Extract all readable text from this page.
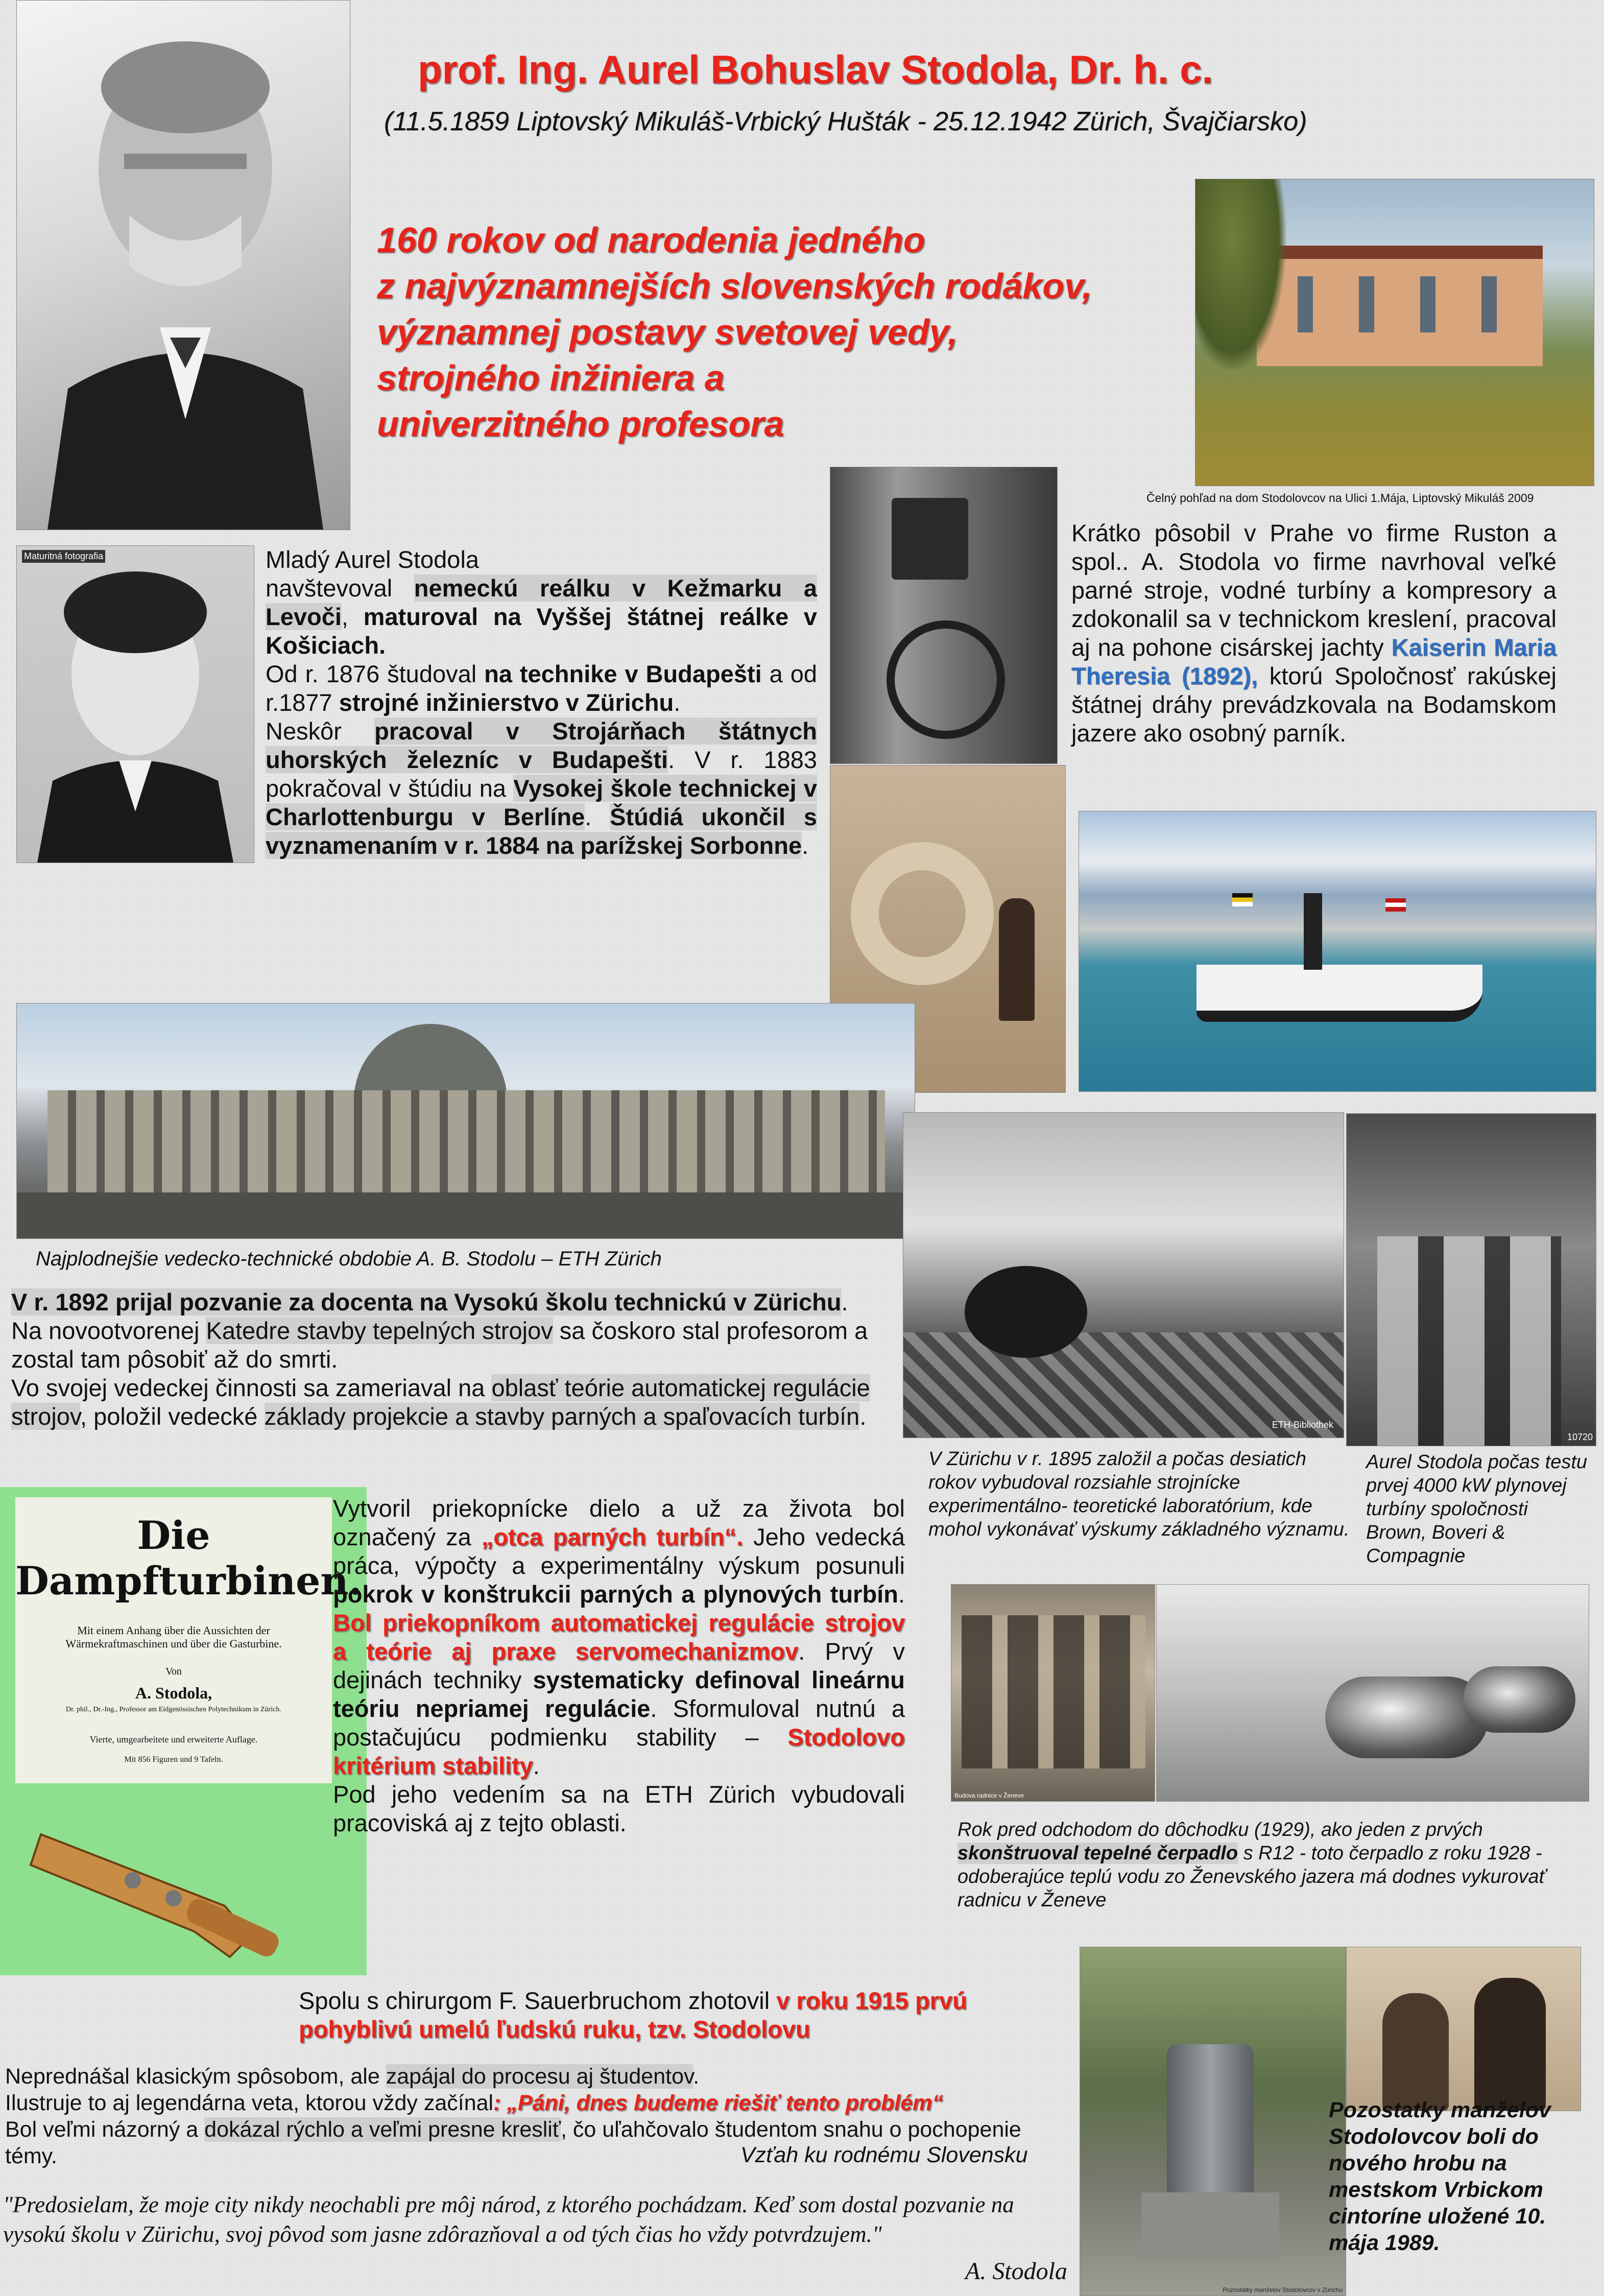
prof. Ing. Aurel Bohuslav Stodola, Dr. h. c.
(11.5.1859 Liptovský Mikuláš-Vrbický Hušták - 25.12.1942 Zürich, Švajčiarsko)
160 rokov od narodenia jedného
z najvýznamnejších slovenských rodákov,
významnej postavy svetovej vedy,
strojného inžiniera a
univerzitného profesora
Čelný pohľad na dom Stodolovcov na Ulici 1.Mája, Liptovský Mikuláš 2009
Maturitná fotografia	Mladý Aurel Stodola
navštevoval nemeckú reálku v Kežmarku a Levoči, maturoval na Vyššej štátnej reálke v Košiciach.
Od r. 1876 študoval na technike v Budapešti a od r.1877 strojné inžinierstvo v Zürichu.
Neskôr pracoval v Strojárňach štátnych uhorských železníc v Budapešti. V r. 1883 pokračoval v štúdiu na Vysokej škole technickej v Charlottenburgu v Berlíne. Štúdiá ukončil s vyznamenaním v r. 1884 na parížskej Sorbonne.
Krátko pôsobil v Prahe vo firme Ruston a spol.. A. Stodola vo firme navrhoval veľké parné stroje, vodné turbíny a kompresory a zdokonalil sa v technickom kreslení, pracoval aj na pohone cisárskej jachty Kaiserin Maria Theresia (1892), ktorú Spoločnosť rakúskej štátnej dráhy prevádzkovala na Bodamskom jazere ako osobný parník.
Najplodnejšie vedecko-technické obdobie A. B. Stodolu – ETH Zürich
ETH-Bibliothek
10720
V r. 1892 prijal pozvanie za docenta na Vysokú školu technickú v Zürichu. Na novootvorenej Katedre stavby tepelných strojov sa čoskoro stal profesorom a zostal tam pôsobiť až do smrti.
Vo svojej vedeckej činnosti sa zameriaval na oblasť teórie automatickej regulácie strojov, položil vedecké základy projekcie a stavby parných a spaľovacích turbín.
V Zürichu v r. 1895 založil a počas desiatich rokov vybudoval rozsiahle strojnícke experimentálno- teoretické laboratórium, kde mohol vykonávať výskumy základného významu.
Aurel Stodola počas testu prvej 4000 kW plynovej turbíny spoločnosti Brown, Boveri & Compagnie
Die Dampfturbinen.
Mit einem Anhang über die Aussichten der Wärmekraftmaschinen und über die Gasturbine.
Von
A. Stodola,
Dr. phil., Dr.-Ing., Professor am Eidgenössischen Polytechnikum in Zürich.
Vierte, umgearbeitete und erweiterte Auflage.
Mit 856 Figuren und 9 Tafeln.
Vytvoril priekopnícke dielo a už za života bol označený za „otca parných turbín“. Jeho vedecká práca, výpočty a experimentálny výskum posunuli pokrok v konštrukcii parných a plynových turbín. Bol priekopníkom automatickej regulácie strojov a teórie aj praxe servomechanizmov. Prvý v dejinách techniky systematicky definoval lineárnu teóriu nepriamej regulácie. Sformuloval nutnú a postačujúcu podmienku stability – Stodolovo kritérium stability.
Pod jeho vedením sa na ETH Zürich vybudovali pracoviská aj z tejto oblasti.
Budova radnice v Ženeve
Rok pred odchodom do dôchodku (1929), ako jeden z prvých
skonštruoval tepelné čerpadlo s R12 - toto čerpadlo z roku 1928 - odoberajúce teplú vodu zo Ženevského jazera má dodnes vykurovať radnicu v Ženeve
Spolu s chirurgom F. Sauerbruchom zhotovil v roku 1915 prvú pohyblivú umelú ľudskú ruku, tzv. Stodolovu
Neprednášal klasickým spôsobom, ale zapájal do procesu aj študentov.
Ilustruje to aj legendárna veta, ktorou vždy začínal: „Páni, dnes budeme riešiť tento problém“
Bol veľmi názorný a dokázal rýchlo a veľmi presne kresliť, čo uľahčovalo študentom snahu o pochopenie témy.	Vzťah ku rodnému Slovensku
"Predosielam, že moje city nikdy neochabli pre môj národ, z ktorého pochádzam. Keď som dostal pozvanie na vysokú školu v Zürichu, svoj pôvod som jasne zdôrazňoval a od tých čias ho vždy potvrdzujem."
A. Stodola
Pozostatky manželov Stodolovcov v Zürichu
Pozostatky manželov Stodolovcov boli do nového hrobu na mestskom Vrbickom cintoríne uložené 10. mája 1989.
